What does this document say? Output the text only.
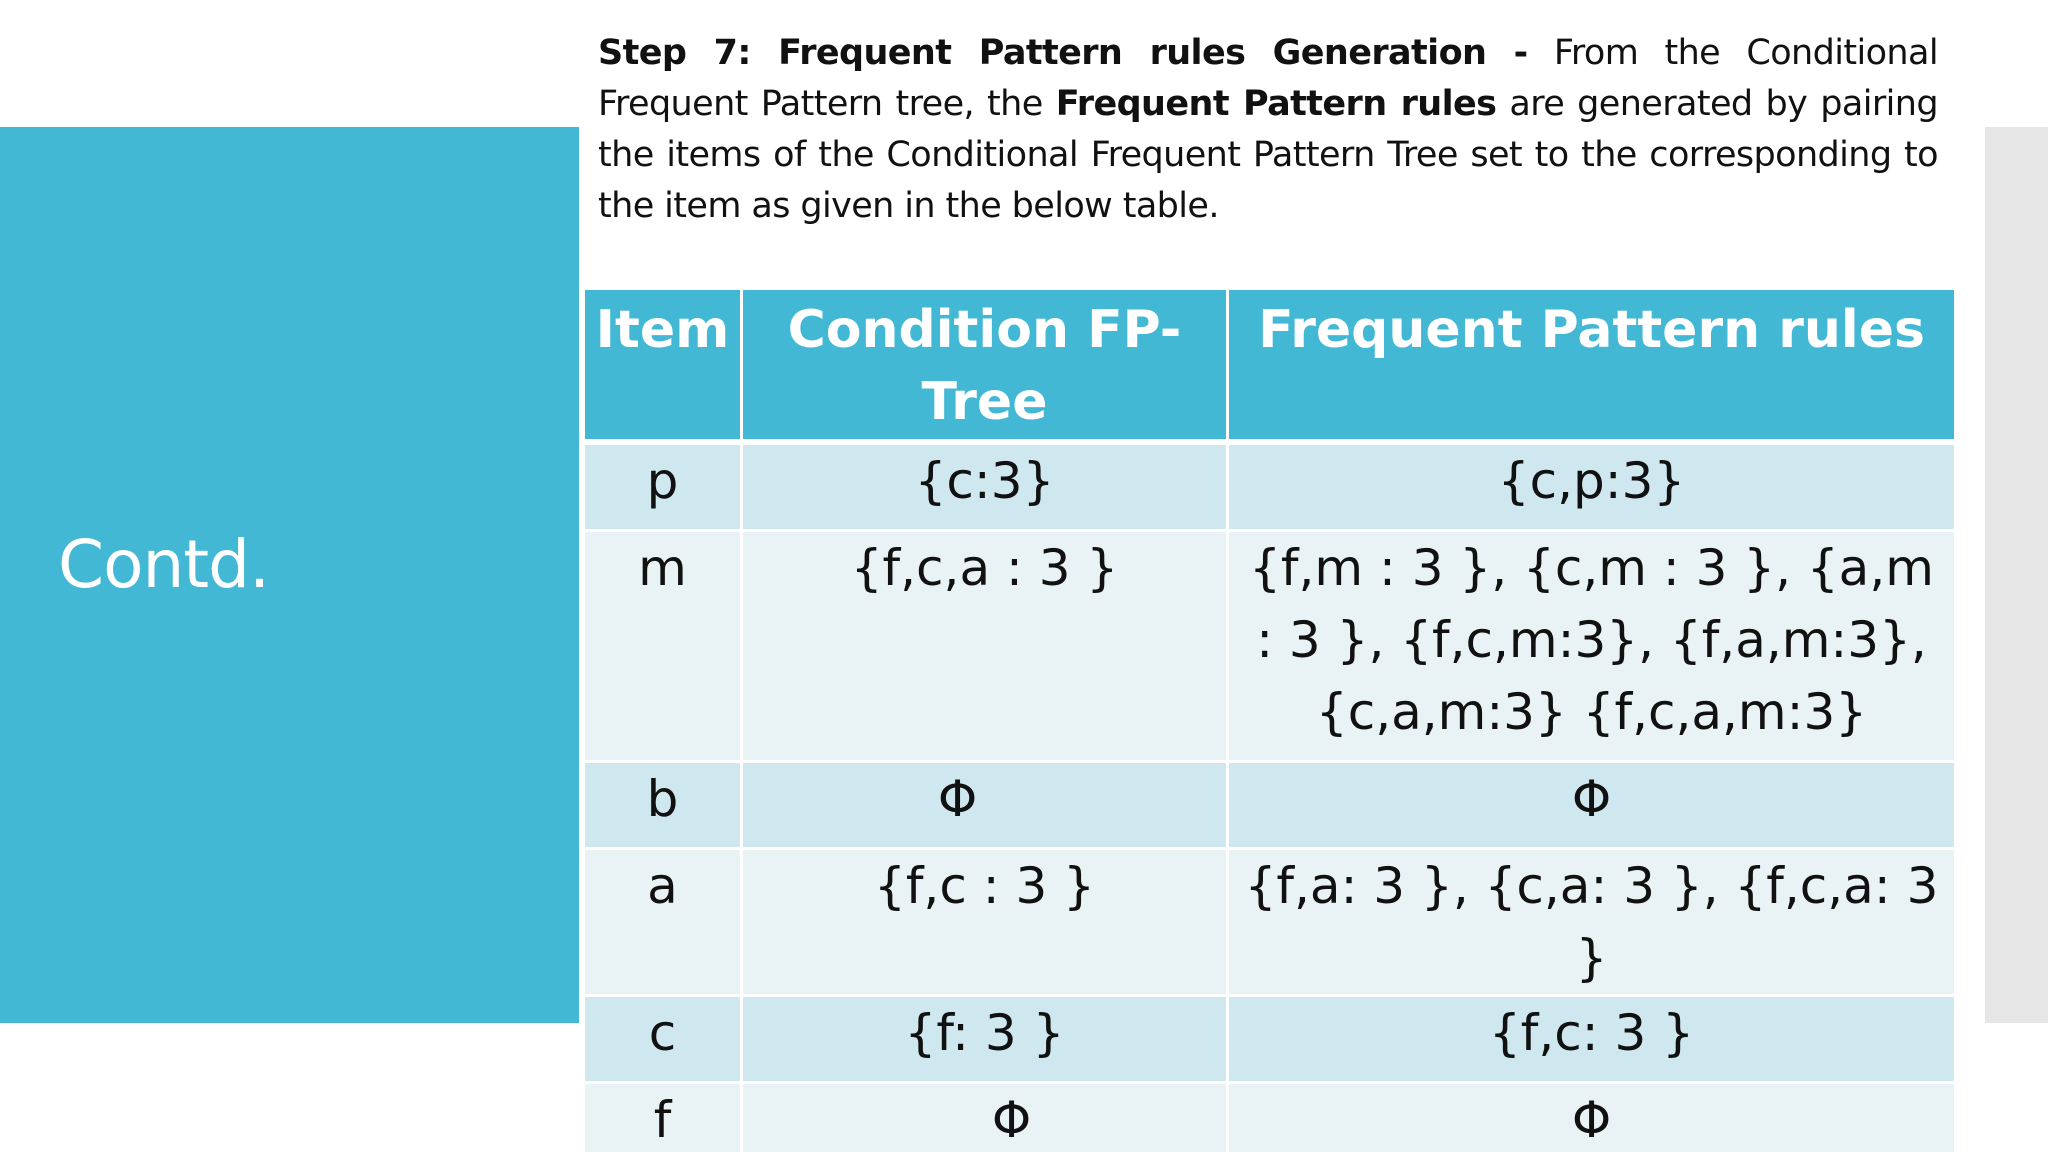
Contd.
Step 7: Frequent Pattern rules Generation - From the Conditional Frequent Pattern tree, the Frequent Pattern rules are generated by pairing the items of the Conditional Frequent Pattern Tree set to the corresponding to the item as given in the below table.
Item	Condition FP-Tree	Frequent Pattern rules
p	{c:3}	{c,p:3}
m	{f,c,a : 3 }	{f,m : 3 }, {c,m : 3 }, {a,m : 3 }, {f,c,m:3}, {f,a,m:3}, {c,a,m:3} {f,c,a,m:3}
b	Φ	Φ
a	{f,c : 3 }	{f,a: 3 }, {c,a: 3 }, {f,c,a: 3 }
c	{f: 3 }	{f,c: 3 }
f	Φ	Φ
